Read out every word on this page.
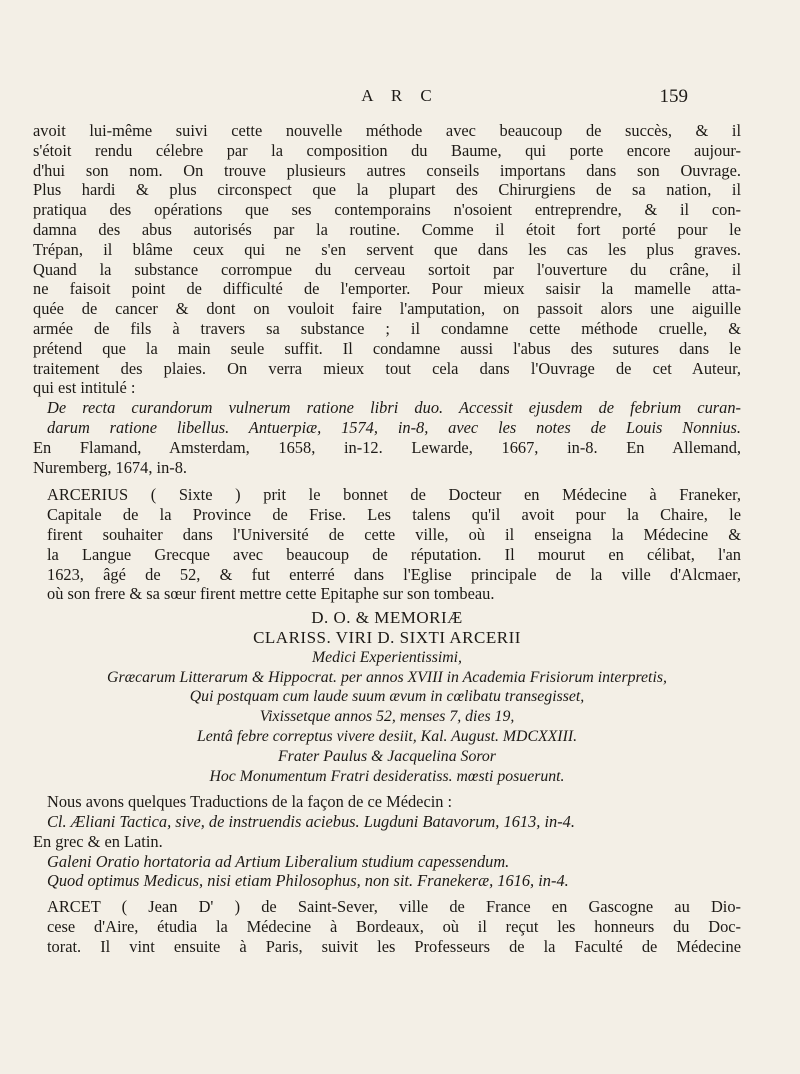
A R C	159

avoit lui-même suivi cette nouvelle méthode avec beaucoup de succès, & il
s'étoit rendu célebre par la composition du Baume, qui porte encore aujour-
d'hui son nom. On trouve plusieurs autres conseils importans dans son Ouvrage.
Plus hardi & plus circonspect que la plupart des Chirurgiens de sa nation, il
pratiqua des opérations que ses contemporains n'osoient entreprendre, & il con-
damna des abus autorisés par la routine. Comme il étoit fort porté pour le
Trépan, il blâme ceux qui ne s'en servent que dans les cas les plus graves.
Quand la substance corrompue du cerveau sortoit par l'ouverture du crâne, il
ne faisoit point de difficulté de l'emporter. Pour mieux saisir la mamelle atta-
quée de cancer & dont on vouloit faire l'amputation, on passoit alors une aiguille
armée de fils à travers sa substance ; il condamne cette méthode cruelle, &
prétend que la main seule suffit. Il condamne aussi l'abus des sutures dans le
traitement des plaies. On verra mieux tout cela dans l'Ouvrage de cet Auteur,
qui est intitulé :

De recta curandorum vulnerum ratione libri duo. Accessit ejusdem de febrium curan-
darum ratione libellus. Antuerpiæ, 1574, in-8, avec les notes de Louis Nonnius.

En Flamand, Amsterdam, 1658, in-12. Lewarde, 1667, in-8. En Allemand,
Nuremberg, 1674, in-8.

ARCERIUS ( Sixte ) prit le bonnet de Docteur en Médecine à Franeker,
Capitale de la Province de Frise. Les talens qu'il avoit pour la Chaire, le
firent souhaiter dans l'Université de cette ville, où il enseigna la Médecine &
la Langue Grecque avec beaucoup de réputation. Il mourut en célibat, l'an
1623, âgé de 52, & fut enterré dans l'Eglise principale de la ville d'Alcmaer,
où son frere & sa sœur firent mettre cette Epitaphe sur son tombeau.

D. O. & MEMORIÆ
CLARISS. VIRI D. SIXTI ARCERII
Medici Experientissimi,
Græcarum Litterarum & Hippocrat. per annos XVIII in Academia Frisiorum interpretis,
Qui postquam cum laude suum ævum in cœlibatu transegisset,
Vixissetque annos 52, menses 7, dies 19,
Lentâ febre correptus vivere desiit, Kal. August. MDCXXIII.
Frater Paulus & Jacquelina Soror
Hoc Monumentum Fratri desideratiss. mœsti posuerunt.
Nous avons quelques Traductions de la façon de ce Médecin :
Cl. Æliani Tactica, sive, de instruendis aciebus. Lugduni Batavorum, 1613, in-4.
En grec & en Latin.
Galeni Oratio hortatoria ad Artium Liberalium studium capessendum.
Quod optimus Medicus, nisi etiam Philosophus, non sit. Franekeræ, 1616, in-4.

ARCET ( Jean D' ) de Saint-Sever, ville de France en Gascogne au Dio-
cese d'Aire, étudia la Médecine à Bordeaux, où il reçut les honneurs du Doc-
torat. Il vint ensuite à Paris, suivit les Professeurs de la Faculté de Médecine
